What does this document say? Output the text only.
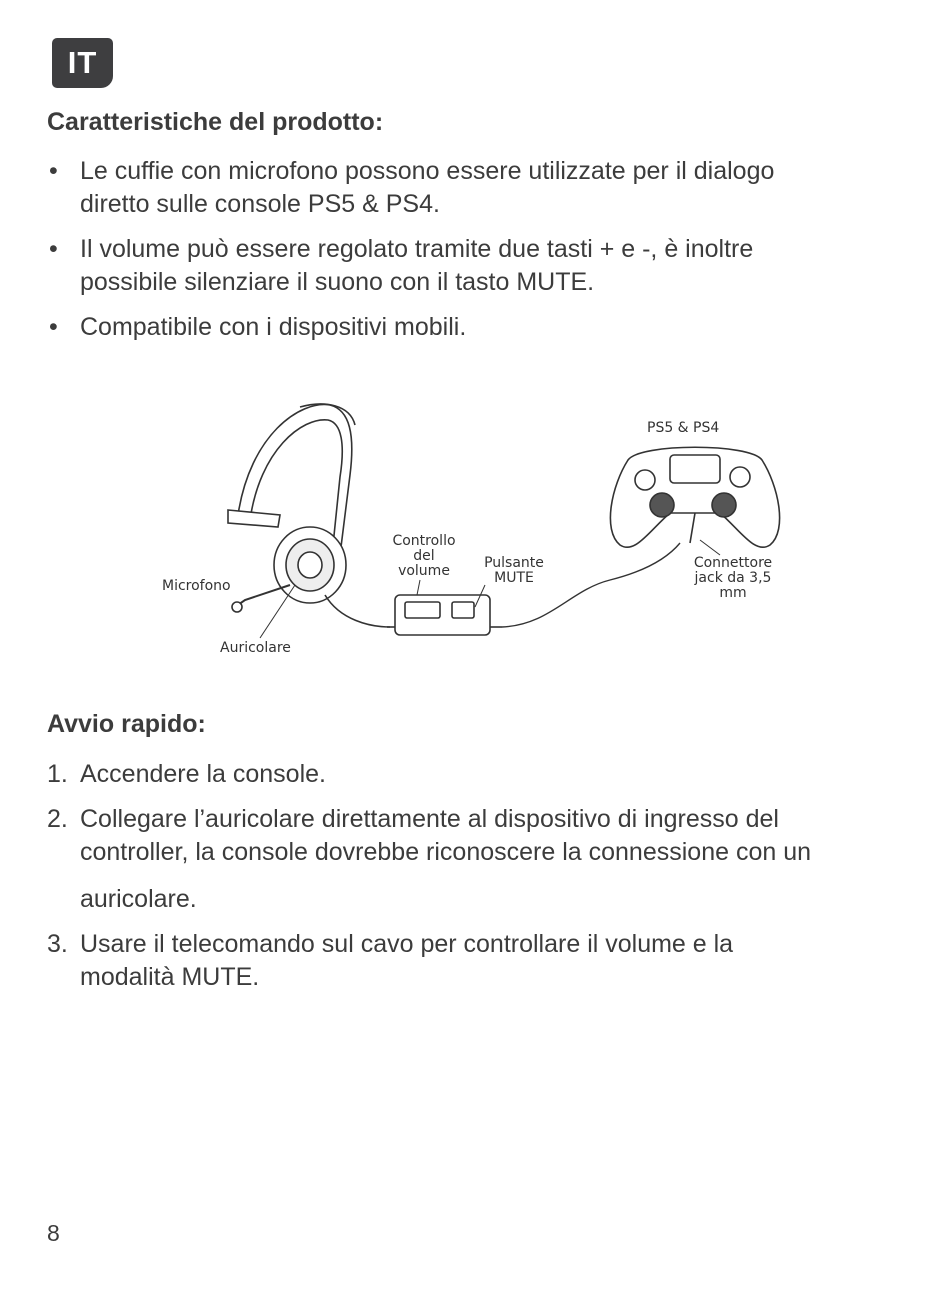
IT
Caratteristiche del prodotto:
• Le cuffie con microfono possono essere utilizzate per il dialogo
diretto sulle console PS5 & PS4.
• Il volume può essere regolato tramite due tasti + e -, è inoltre
possibile silenziare il suono con il tasto MUTE.
• Compatibile con i dispositivi mobili.
PS5 & PS4
Controllo
del
volume Pulsante
MUTE
Connettore
jack da 3,5
mm
Microfono
Auricolare
Avvio rapido:
1. Accendere la console.
2. Collegare l’auricolare direttamente al dispositivo di ingresso del
controller, la console dovrebbe riconoscere la connessione con un
auricolare.
3. Usare il telecomando sul cavo per controllare il volume e la
modalità MUTE.
8
